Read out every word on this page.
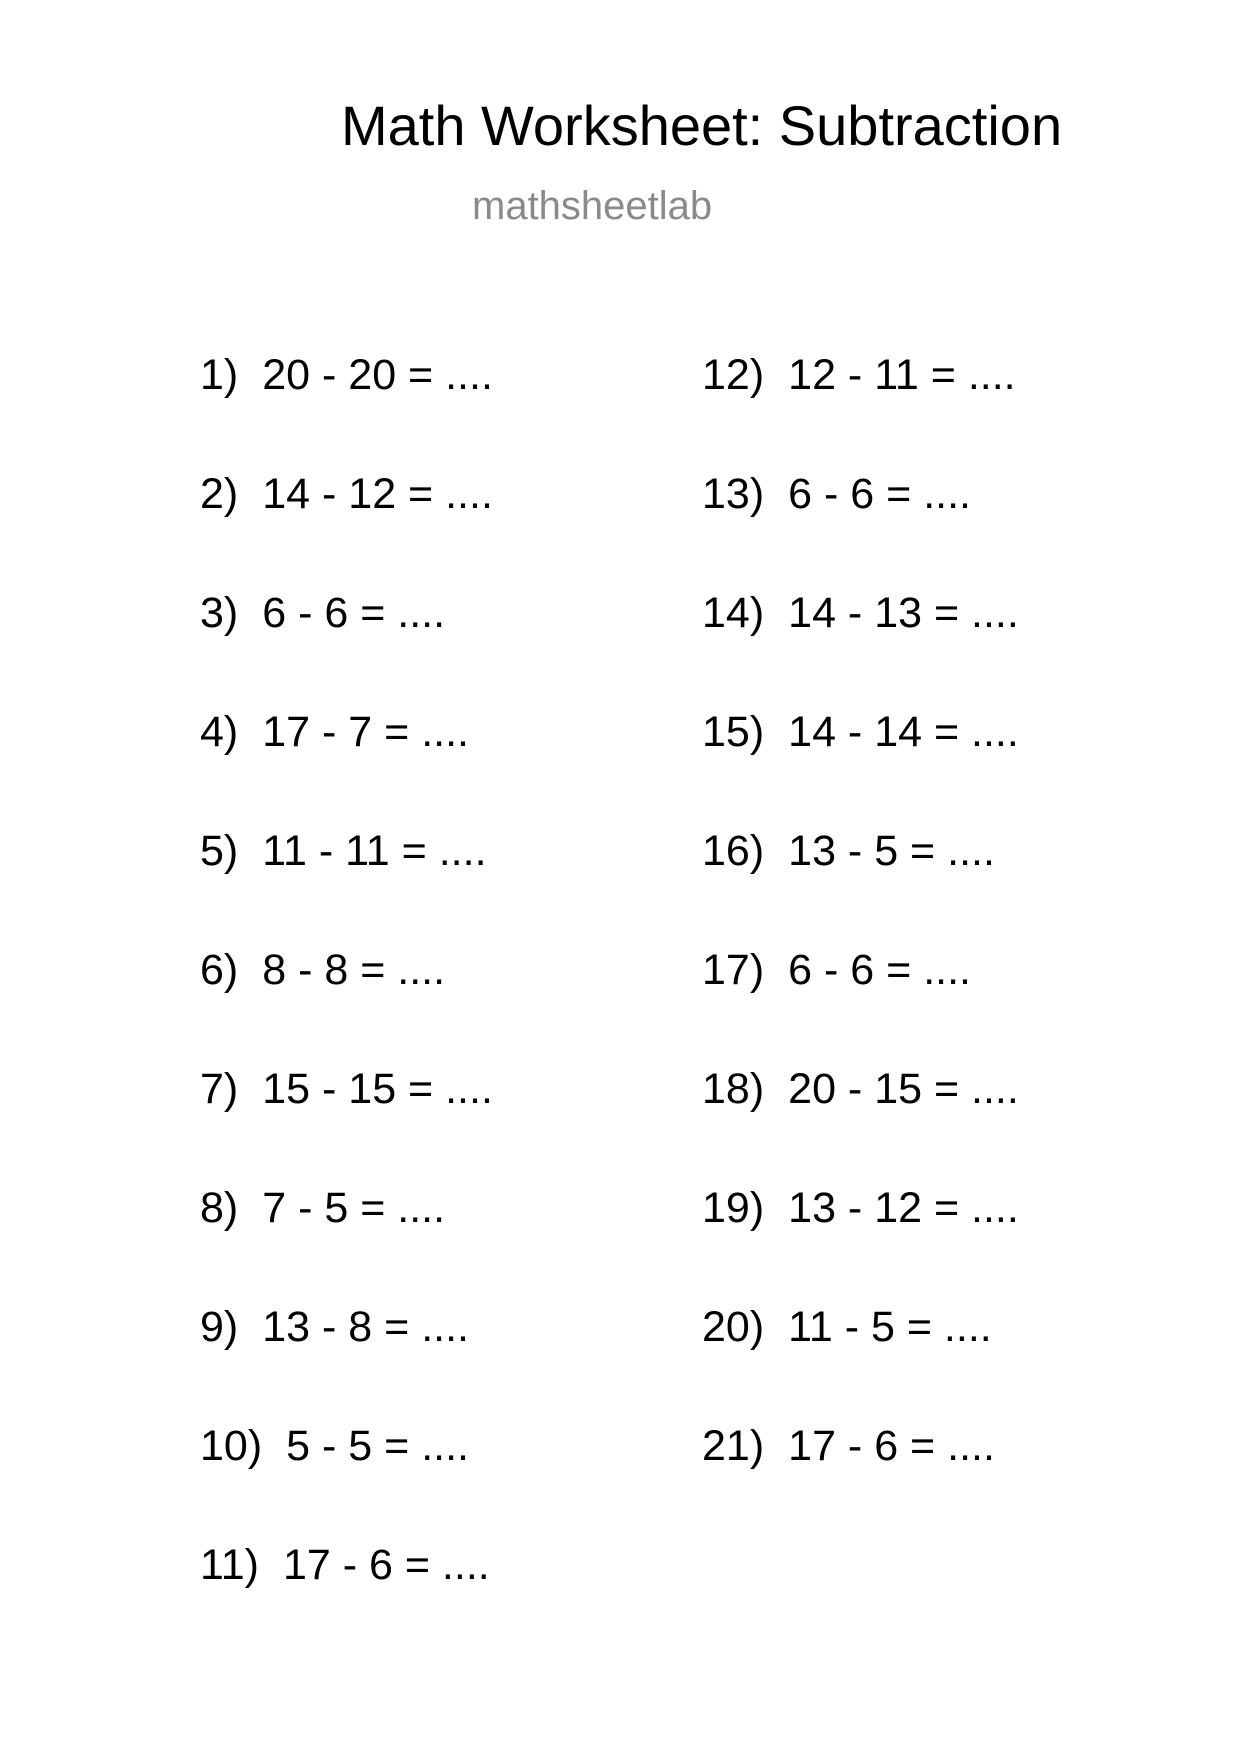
Math Worksheet: Subtraction
mathsheetlab
1) 20 - 20 = ....
2) 14 - 12 = ....
3) 6 - 6 = ....
4) 17 - 7 = ....
5) 11 - 11 = ....
6) 8 - 8 = ....
7) 15 - 15 = ....
8) 7 - 5 = ....
9) 13 - 8 = ....
10) 5 - 5 = ....
11) 17 - 6 = ....
12) 12 - 11 = ....
13) 6 - 6 = ....
14) 14 - 13 = ....
15) 14 - 14 = ....
16) 13 - 5 = ....
17) 6 - 6 = ....
18) 20 - 15 = ....
19) 13 - 12 = ....
20) 11 - 5 = ....
21) 17 - 6 = ....
